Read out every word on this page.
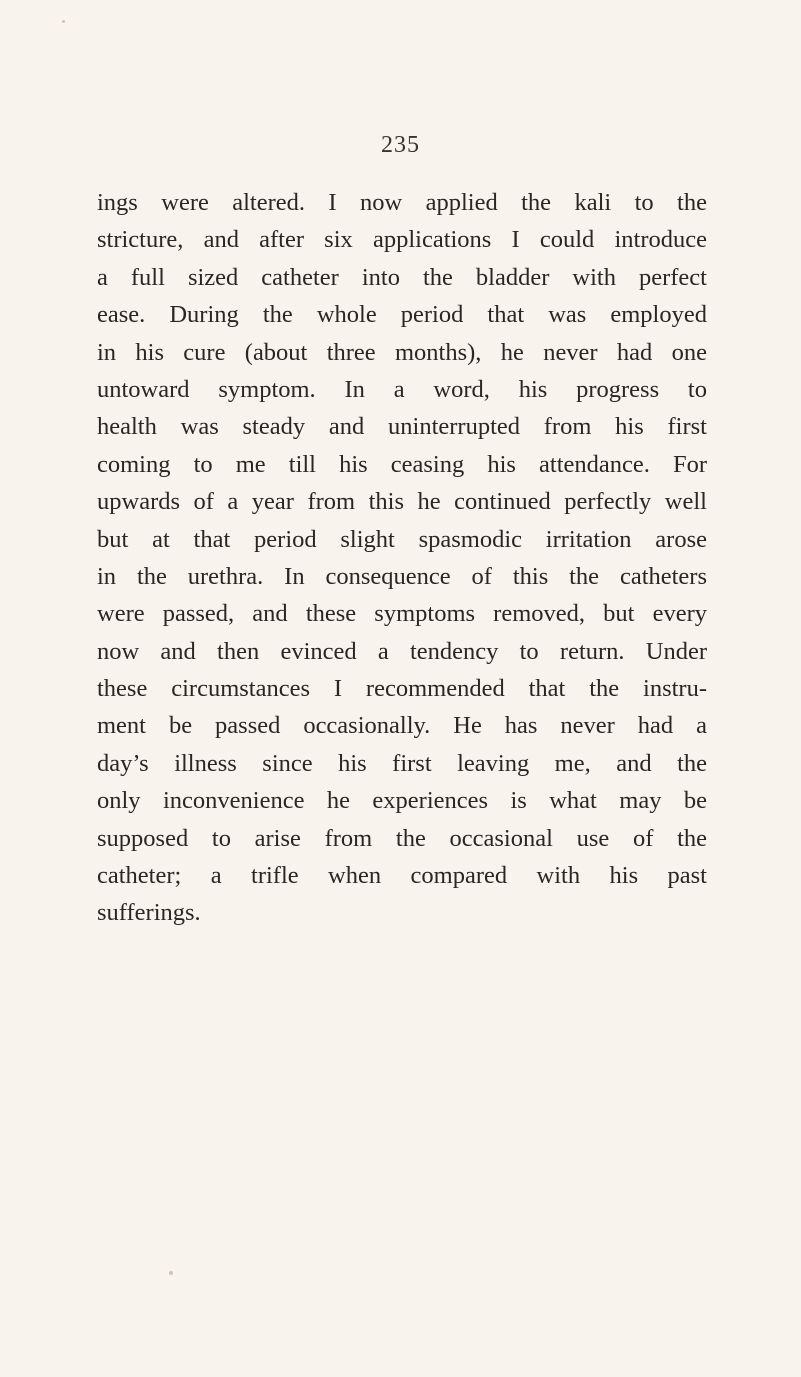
235
ings were altered. I now applied the kali to the
stricture, and after six applications I could introduce
a full sized catheter into the bladder with perfect
ease. During the whole period that was employed
in his cure (about three months), he never had one
untoward symptom. In a word, his progress to
health was steady and uninterrupted from his first
coming to me till his ceasing his attendance. For
upwards of a year from this he continued perfectly well
but at that period slight spasmodic irritation arose
in the urethra. In consequence of this the catheters
were passed, and these symptoms removed, but every
now and then evinced a tendency to return. Under
these circumstances I recommended that the instru-
ment be passed occasionally. He has never had a
day’s illness since his first leaving me, and the
only inconvenience he experiences is what may be
supposed to arise from the occasional use of the
catheter; a trifle when compared with his past
sufferings.
